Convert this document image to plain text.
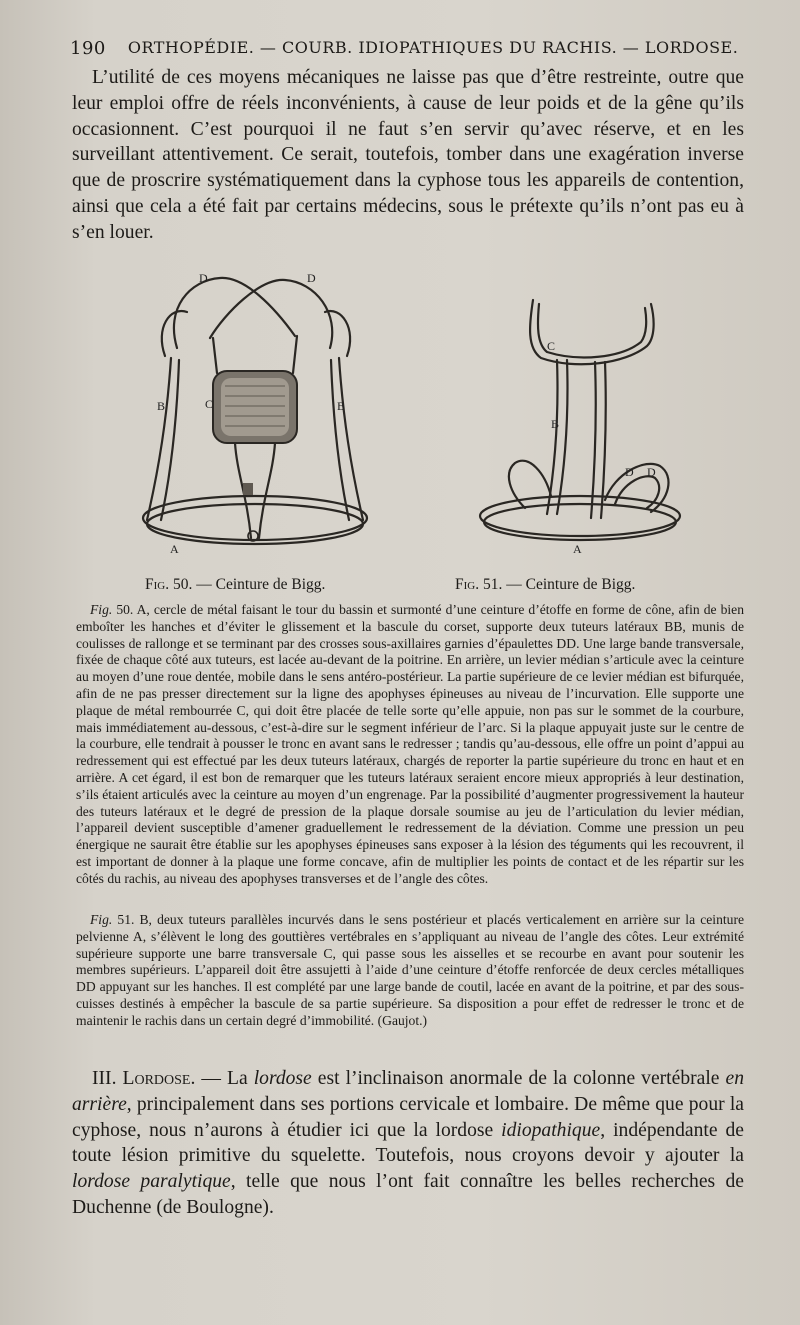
190 ORTHOPÉDIE. — COURB. IDIOPATHIQUES DU RACHIS. — LORDOSE.

L’utilité de ces moyens mécaniques ne laisse pas que d’être restreinte, outre que leur emploi offre de réels inconvénients, à cause de leur poids et de la gêne qu’ils occasionnent. C’est pourquoi il ne faut s’en servir qu’avec réserve, et en les surveillant attentivement. Ce serait, toutefois, tomber dans une exagération inverse que de proscrire systématiquement dans la cyphose tous les appareils de contention, ainsi que cela a été fait par certains médecins, sous le prétexte qu’ils n’ont pas eu à s’en louer.

D	D
B	B
C
A
C
B
D D
A
Fig. 50. — Ceinture de Bigg.	Fig. 51. — Ceinture de Bigg.

Fig. 50. A, cercle de métal faisant le tour du bassin et surmonté d’une ceinture d’étoffe en forme de cône, afin de bien emboîter les hanches et d’éviter le glissement et la bascule du corset, supporte deux tuteurs latéraux BB, munis de coulisses de rallonge et se terminant par des crosses sous-axillaires garnies d’épaulettes DD. Une large bande transversale, fixée de chaque côté aux tuteurs, est lacée au-devant de la poitrine. En arrière, un levier médian s’articule avec la ceinture au moyen d’une roue dentée, mobile dans le sens antéro-postérieur. La partie supérieure de ce levier médian est bifurquée, afin de ne pas presser directement sur la ligne des apophyses épineuses au niveau de l’incurvation. Elle supporte une plaque de métal rembourrée C, qui doit être placée de telle sorte qu’elle appuie, non pas sur le sommet de la courbure, mais immédiatement au-dessous, c’est-à-dire sur le segment inférieur de l’arc. Si la plaque appuyait juste sur le centre de la courbure, elle tendrait à pousser le tronc en avant sans le redresser ; tandis qu’au-dessous, elle offre un point d’appui au redressement qui est effectué par les deux tuteurs latéraux, chargés de reporter la partie supérieure du tronc en haut et en arrière. A cet égard, il est bon de remarquer que les tuteurs latéraux seraient encore mieux appropriés à leur destination, s’ils étaient articulés avec la ceinture au moyen d’un engrenage. Par la possibilité d’augmenter progressivement la hauteur des tuteurs latéraux et le degré de pression de la plaque dorsale soumise au jeu de l’articulation du levier médian, l’appareil devient susceptible d’amener graduellement le redressement de la déviation. Comme une pression un peu énergique ne saurait être établie sur les apophyses épineuses sans exposer à la lésion des téguments qui les recouvrent, il est important de donner à la plaque une forme concave, afin de multiplier les points de contact et de les répartir sur les côtés du rachis, au niveau des apophyses transverses et de l’angle des côtes.

Fig. 51. B, deux tuteurs parallèles incurvés dans le sens postérieur et placés verticalement en arrière sur la ceinture pelvienne A, s’élèvent le long des gouttières vertébrales en s’appliquant au niveau de l’angle des côtes. Leur extrémité supérieure supporte une barre transversale C, qui passe sous les aisselles et se recourbe en avant pour soutenir les membres supérieurs. L’appareil doit être assujetti à l’aide d’une ceinture d’étoffe renforcée de deux cercles métalliques DD appuyant sur les hanches. Il est complété par une large bande de coutil, lacée en avant de la poitrine, et par des sous-cuisses destinés à empêcher la bascule de sa partie supérieure. Sa disposition a pour effet de redresser le tronc et de maintenir le rachis dans un certain degré d’immobilité. (Gaujot.)

III. Lordose. — La lordose est l’inclinaison anormale de la colonne vertébrale en arrière, principalement dans ses portions cervicale et lombaire. De même que pour la cyphose, nous n’aurons à étudier ici que la lordose idiopathique, indépendante de toute lésion primitive du squelette. Toutefois, nous croyons devoir y ajouter la lordose paralytique, telle que nous l’ont fait connaître les belles recherches de Duchenne (de Boulogne).
